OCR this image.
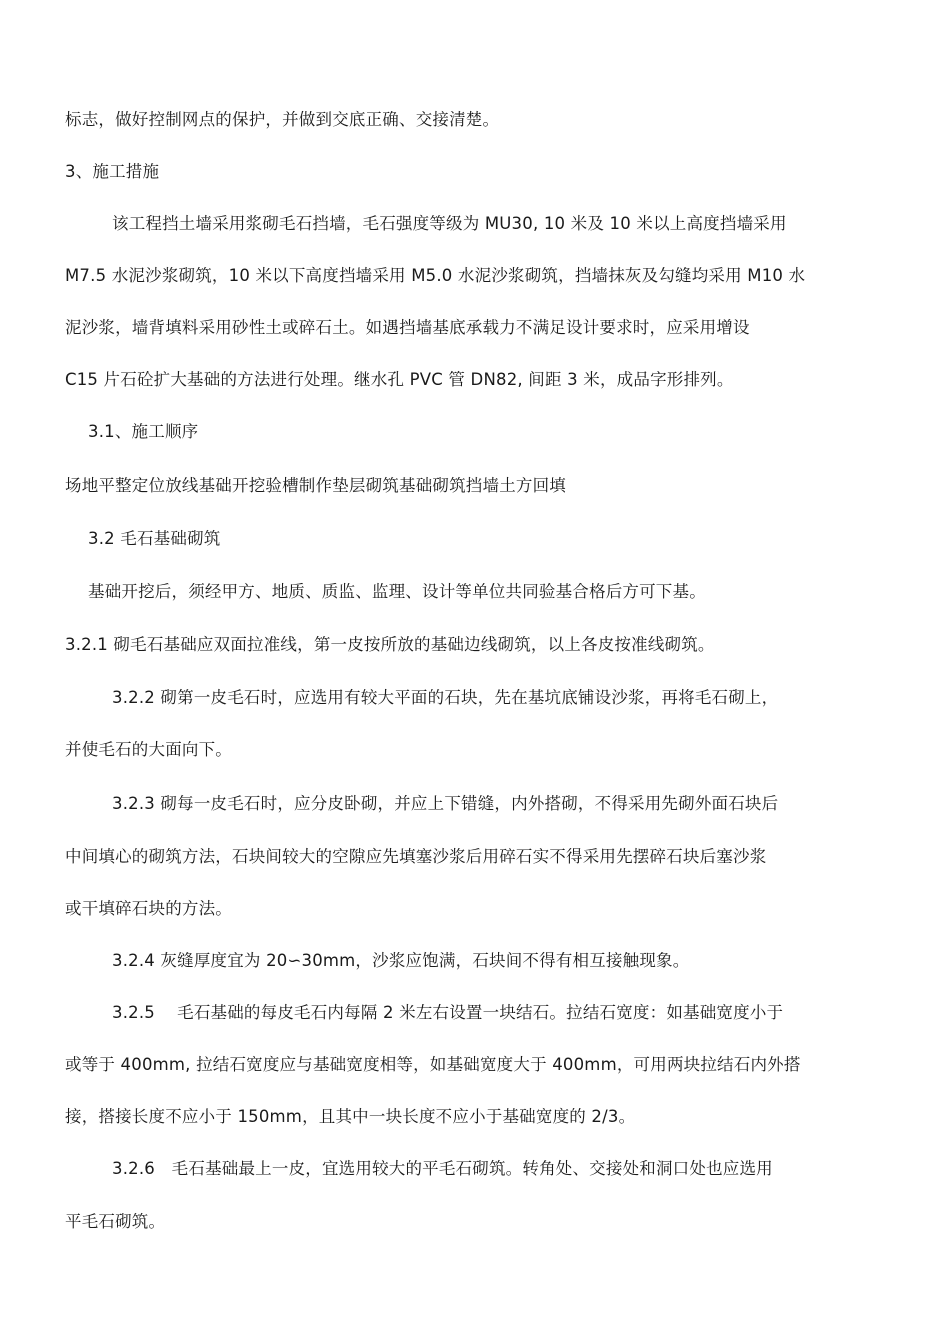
标志，做好控制网点的保护，并做到交底正确、交接清楚。
3、施工措施
该工程挡土墙采用浆砌毛石挡墙，毛石强度等级为 MU30, 10 米及 10 米以上高度挡墙采用
M7.5 水泥沙浆砌筑，10 米以下高度挡墙采用 M5.0 水泥沙浆砌筑，挡墙抹灰及勾缝均采用 M10 水
泥沙浆，墙背填料采用砂性土或碎石土。如遇挡墙基底承载力不满足设计要求时，应采用增设
C15 片石砼扩大基础的方法进行处理。继水孔 PVC 管 DN82, 间距 3 米，成品字形排列。
3.1、施工顺序
场地平整定位放线基础开挖验槽制作垫层砌筑基础砌筑挡墙土方回填
3.2 毛石基础砌筑
基础开挖后，须经甲方、地质、质监、监理、设计等单位共同验基合格后方可下基。
3.2.1 砌毛石基础应双面拉准线，第一皮按所放的基础边线砌筑，以上各皮按准线砌筑。
3.2.2 砌第一皮毛石时，应选用有较大平面的石块，先在基坑底铺设沙浆，再将毛石砌上，
并使毛石的大面向下。
3.2.3 砌每一皮毛石时，应分皮卧砌，并应上下错缝，内外搭砌，不得采用先砌外面石块后
中间填心的砌筑方法，石块间较大的空隙应先填塞沙浆后用碎石实不得采用先摆碎石块后塞沙浆
或干填碎石块的方法。
3.2.4 灰缝厚度宜为 20∽30mm，沙浆应饱满，石块间不得有相互接触现象。
3.2.5　 毛石基础的每皮毛石内每隔 2 米左右设置一块结石。拉结石宽度：如基础宽度小于
或等于 400mm, 拉结石宽度应与基础宽度相等，如基础宽度大于 400mm，可用两块拉结石内外搭
接，搭接长度不应小于 150mm，且其中一块长度不应小于基础宽度的 2/3。
3.2.6　毛石基础最上一皮，宜选用较大的平毛石砌筑。转角处、交接处和洞口处也应选用
平毛石砌筑。
